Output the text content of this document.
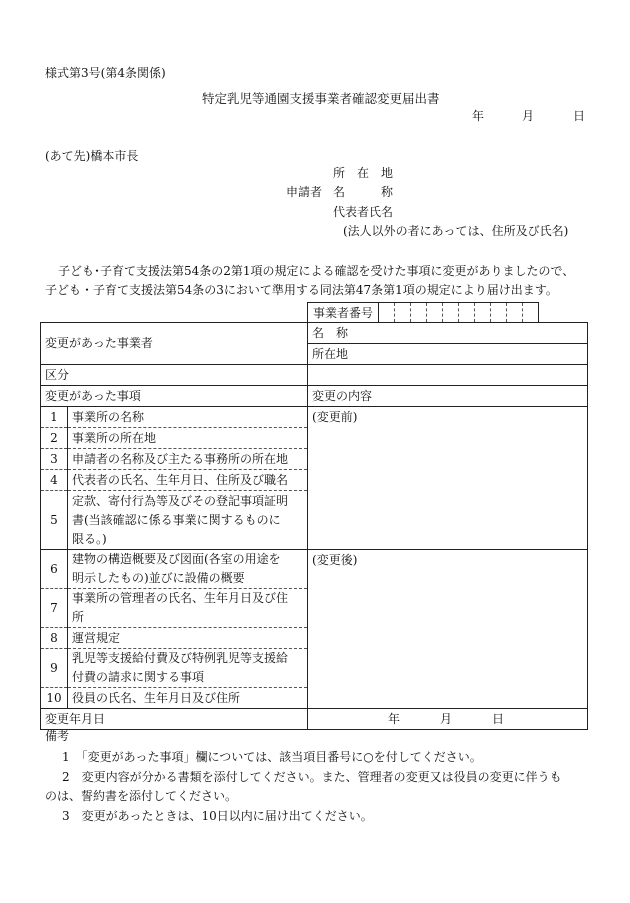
様式第3号(第4条関係)
特定乳児等通園支援事業者確認変更届出書
年	月	日
(あて先)橋本市長
所　在　地
申請者 名　　　称
代表者氏名
(法人以外の者にあっては、住所及び氏名)
子ども･子育て支援法第54条の2第1項の規定による確認を受けた事項に変更がありましたので、
子ども・子育て支援法第54条の3において準用する同法第47条第1項の規定により届け出ます。
事業者番号										
変更があった事業者		名　称
		所在地
区分		
変更があった事項		変更の内容
1	事業所の名称	(変更前)
2	事業所の所在地	
3	申請者の名称及び主たる事務所の所在地	
4	代表者の氏名、生年月日、住所及び職名	
5	定款、寄付行為等及びその登記事項証明
書(当該確認に係る事業に関するものに
限る。)	

6	建物の構造概要及び図面(各室の用途を
明示したもの)並びに設備の概要	(変更後)
7	事業所の管理者の氏名、生年月日及び住
所	

8	運営規定	
9	乳児等支援給付費及び特例乳児等支援給
付費の請求に関する事項	

10	役員の氏名、生年月日及び住所	
変更年月日		年 月 日
備考
1　「変更があった事項」欄については、該当項目番号に○を付してください。
2　変更内容が分かる書類を添付してください。また、管理者の変更又は役員の変更に伴うも
のは、誓約書を添付してください。
3　変更があったときは、10日以内に届け出てください。
